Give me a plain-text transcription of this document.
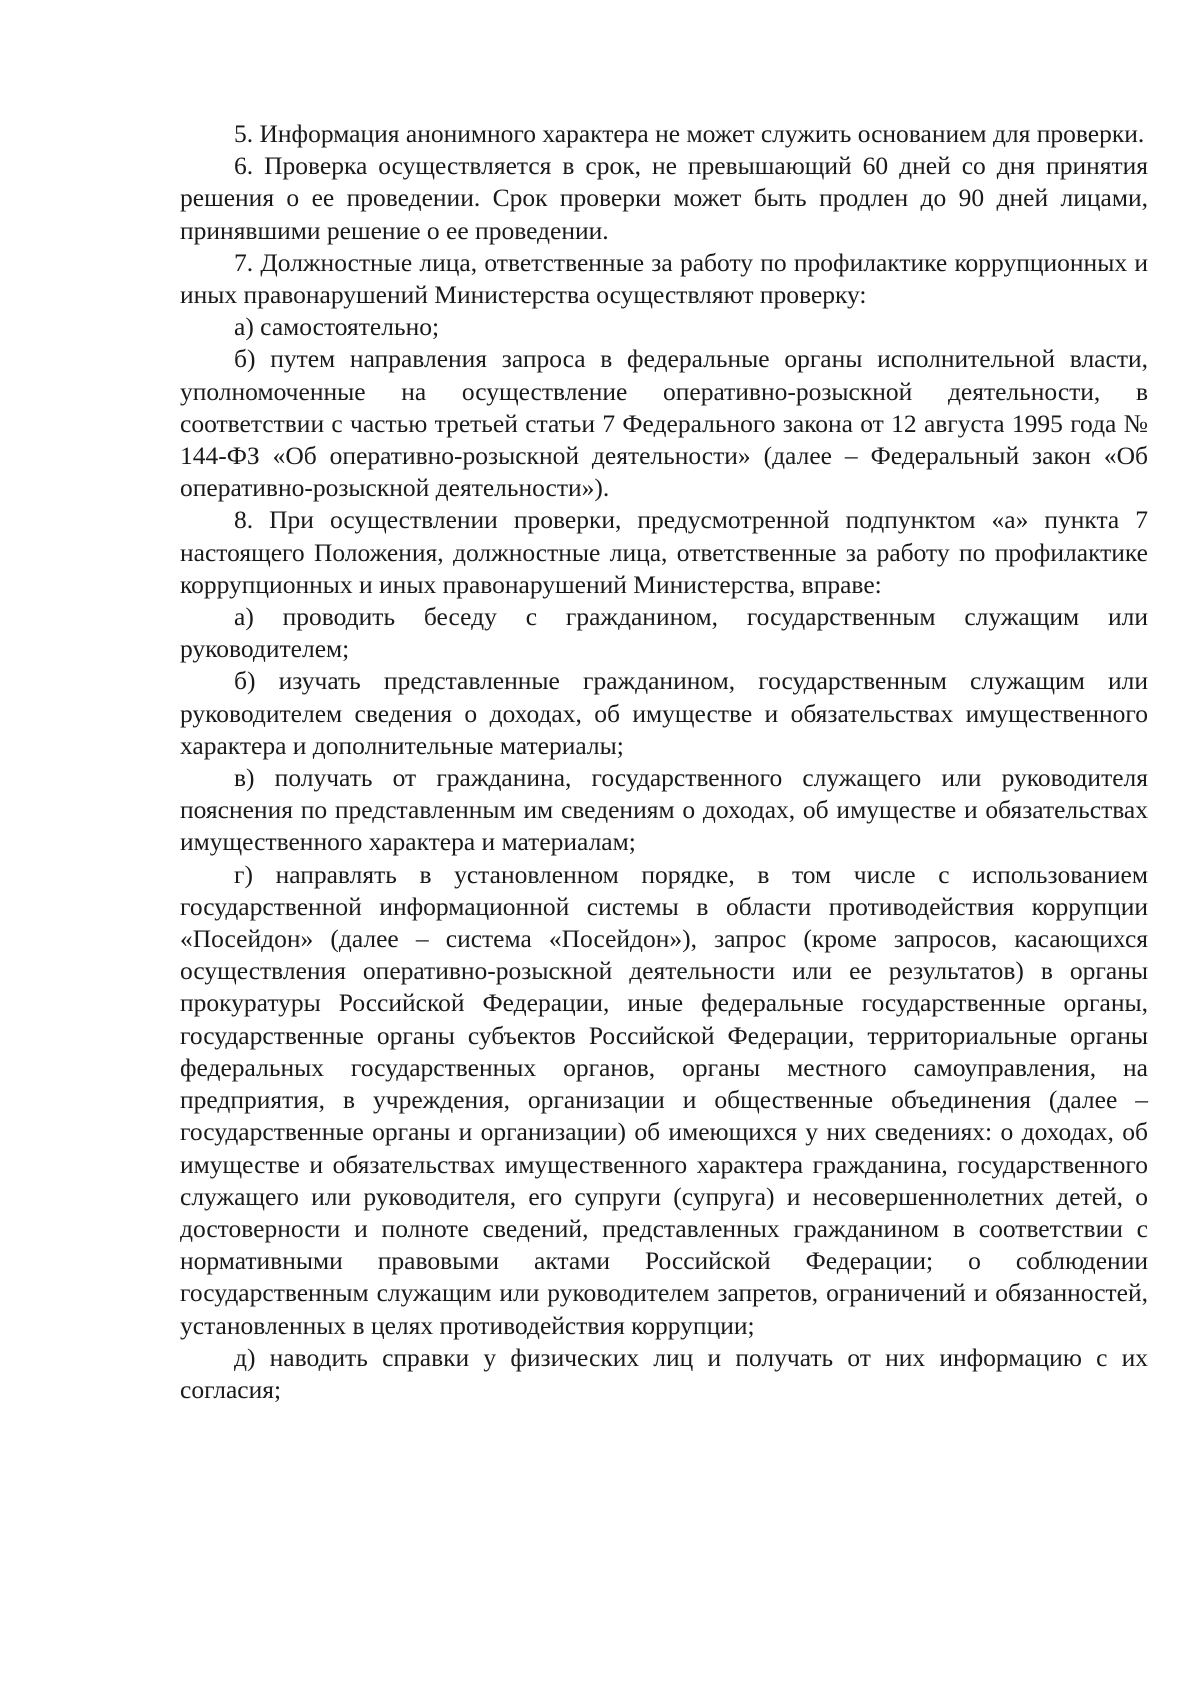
5. Информация анонимного характера не может служить основанием для проверки.

6. Проверка осуществляется в срок, не превышающий 60 дней со дня принятия решения о ее проведении. Срок проверки может быть продлен до 90 дней лицами, принявшими решение о ее проведении.

7. Должностные лица, ответственные за работу по профилактике коррупционных и иных правонарушений Министерства осуществляют проверку:

а) самостоятельно;

б) путем направления запроса в федеральные органы исполнительной власти, уполномоченные на осуществление оперативно-розыскной деятельности, в соответствии с частью третьей статьи 7 Федерального закона от 12 августа 1995 года № 144-ФЗ «Об оперативно-розыскной деятельности» (далее – Федеральный закон «Об оперативно-розыскной деятельности»).

8. При осуществлении проверки, предусмотренной подпунктом «а» пункта 7 настоящего Положения, должностные лица, ответственные за работу по профилактике коррупционных и иных правонарушений Министерства, вправе:

а) проводить беседу с гражданином, государственным служащим или руководителем;

б) изучать представленные гражданином, государственным служащим или руководителем сведения о доходах, об имуществе и обязательствах имущественного характера и дополнительные материалы;

в) получать от гражданина, государственного служащего или руководителя пояснения по представленным им сведениям о доходах, об имуществе и обязательствах имущественного характера и материалам;

г) направлять в установленном порядке, в том числе с использованием государственной информационной системы в области противодействия коррупции «Посейдон» (далее – система «Посейдон»), запрос (кроме запросов, касающихся осуществления оперативно-розыскной деятельности или ее результатов) в органы прокуратуры Российской Федерации, иные федеральные государственные органы, государственные органы субъектов Российской Федерации, территориальные органы федеральных государственных органов, органы местного самоуправления, на предприятия, в учреждения, организации и общественные объединения (далее – государственные органы и организации) об имеющихся у них сведениях: о доходах, об имуществе и обязательствах имущественного характера гражданина, государственного служащего или руководителя, его супруги (супруга) и несовершеннолетних детей, о достоверности и полноте сведений, представленных гражданином в соответствии с нормативными правовыми актами Российской Федерации; о соблюдении государственным служащим или руководителем запретов, ограничений и обязанностей, установленных в целях противодействия коррупции;

д) наводить справки у физических лиц и получать от них информацию с их согласия;
